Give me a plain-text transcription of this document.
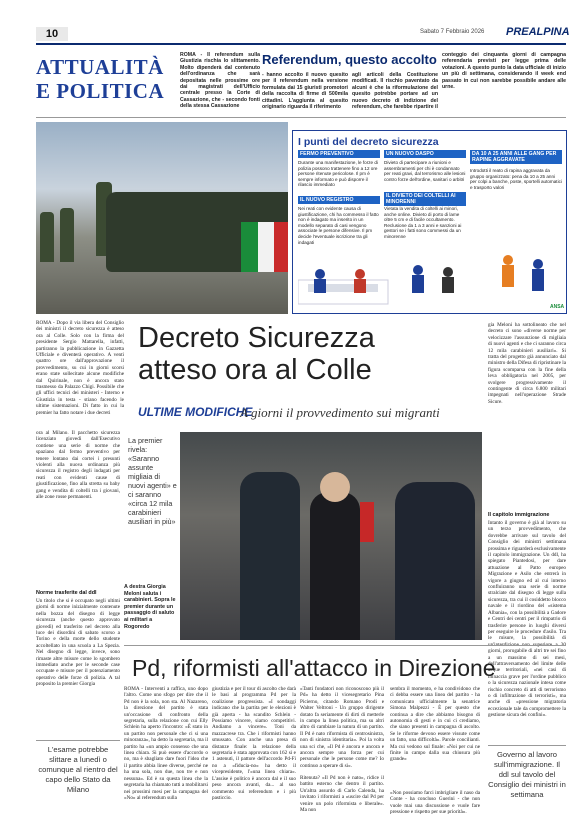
10	Sabato 7 Febbraio 2026 PREALPINA
ATTUALITÀ
E POLITICA
ROMA - Il referendum sulla Giustizia rischia lo slittamento. Molto dipenderà dal contenuto dell'ordinanza che sarà depositata nelle prossime ore dai magistrati dell'Ufficio centrale presso la Corte di Cassazione, che - secondo fonti della stessa Cassazione
Referendum, questo accolto
- hanno accolto il nuovo quesito per il referendum nella versione formulata dai 15 giuristi promotori della raccolta di firme di 500mila cittadini. L'aggiunta al quesito originario riguarda il riferimento
agli articoli della Costituzione modificati. Il rischio paventato da alcuni è che la riformulazione del quesito potrebbe portare ad un nuovo decreto di indizione del referendum, che farebbe ripartire il
conteggio dei cinquanta giorni di campagna referendaria previsti per legge prima delle votazioni. A questo punto la data ufficiale di inizio un più di settimana, considerando il week end passato in cui non sarebbe possibile andare alle urne.
I punti del decreto sicurezza
FERMO PREVENTIVO
Durante una manifestazione, le forze di polizia possono trattenere fino a 12 ore persone ritenute pericolose. Il pm è sempre informato e può disporre il rilascio immediato
UN NUOVO DASPO
Divieto di partecipare a riunioni e assembramenti per chi è condannato per reati gravi, dal terrorismo alle lesioni contro forze dell'ordine, sanitari o arbitri
DA 10 A 25 ANNI ALLE GANG PER RAPINE AGGRAVATE
Introdotti il reato di rapina aggravata da gruppo organizzato: pena da 10 a 25 anni per colpi a banche, poste, sportelli automatici e trasporto valori
IL NUOVO REGISTRO
Nei reati con evidente causa di giustificazione, chi ha commesso il fatto non è indagato ma inserito in un modello separato di casi vengono associate le persone difensive. Il pm decide l'eventuale iscrizione tra gli indagati
IL DIVIETO DEI COLTELLI AI MINORENNI
Vietata la vendita di coltelli ai minori, anche online. Divieto di porto di lame oltre 5 cm e di facile occultamento. Reclusione da 1 a 3 anni e sanzioni ai gestori se i fatti sono commessi da un minorenne
ANSA
ROMA - Dopo il via libera del Consiglio dei ministri il decreto sicurezza è atteso ora al Colle. Solo con la firma del presidente Sergio Mattarella, infatti, partiranno la pubblicazione in Gazzetta Ufficiale e diventerà operativo. A venti quattro ore dall'approvazione il provvedimento, su cui in giorni scorsi erano state sollecitate alcune modifiche dal Quirinale, non è ancora stato trasmesso da Palazzo Chigi. Possibile che gli uffici tecnici dei ministeri - Interno e Giustizia in testa - stiano facendo le ultime sistemazioni. Di fatto in cui la premier ha fatto notare i due decreti
Decreto Sicurezza
atteso ora al Colle
ULTIME MODIFICHE
A giorni il provvedimento sui migranti
gia Meloni ha sottolineato che nel decreto ci sono «diverse norme per velocizzare l'assunzione di migliaia di nuovi agenti e che ci saranno circa 12 mila carabinieri ausiliari». Si tratta del progetto già annunciato dal ministro della Difesa di ripristinare la figura scomparsa con la fine della leva obbligatoria nel 2005, per svolgere progressivamente il contingente di circa 6.800 militari impegnati nell'operazione Strade Sicure.
La premier rivela: «Saranno assunte migliaia di nuovi agenti» e ci saranno «circa 12 mila carabinieri ausiliari in più»
A destra Giorgia Meloni saluta i carabinieri. Sopra le premier durante un passaggio di saluto ai militari a Rogoredo
ora al Milano. Il pacchetto sicurezza licenziato giovedì dall'Esecutivo contiene una serie di norme che spaziano dal fermo preventivo per tenere lontano dai cortei i presunti violenti alla nuova ordinanza più sicurezza il registro degli indagati per reati con evidenti cause di giustificazione, fino alla stretta su baby gang e vendita di coltelli tra i giovani, alle zone rosse permanenti.
Norme trasferite dal ddl
Un titolo che si è occupato negli ultimi giorni di norme inizialmente contenute nella bozza del disegno di legge sicurezza (anche questo approvato giovedì) ed trasferito nel decreto alla luce dei disordini di sabato scorso a Torino e della morte dello studente accoltellato in una scuola a La Spezia. Nel disegno di legge, invece, sono rimaste altre misure come lo sgombero immediato anche per le seconde case occupate e misure per il potenziamento operativo delle forze di polizia. A tal proposito la premier Giorgia
L'esame potrebbe slittare a lunedì o comunque al rientro del capo dello Stato da Milano
Il capitolo immigrazione
Intanto il governo è già al lavoro su un terzo provvedimento, che dovrebbe arrivare sul tavolo del Consiglio dei ministri settimana prossima e riguarderà esclusivamente il capitolo immigrazione. Un ddl, ha spiegato Piantedosi, per dare attuazione al Patto europeo Migrazione e Asilo che entrerà in vigore a giugno ed al cui interno confluiranno una serie di norme stralciate dal disegno di legge sulla sicurezza, tra cui il cosiddetto blocco navale e il riordino del «sistema Albania», con la possibilità a Gadore e Centri dei centri per il rimpatrio di trasferire persone in luoghi diversi per eseguire le procedure d'asilo. Tra le misure, la possibilità di giorni, prorogabile di altri tre sei fino a un massimo di sei mesi, dell'attraversamento del limite delle acque territoriali, «nei casi di minaccia grave per l'ordine pubblico o la sicurezza nazionale intesa come rischio concreto di atti di terrorismo o di infiltrazione di terroristi», ma anche di «pressione migratoria eccezionale tale da compromettere la gestione sicura dei confini».
Governo al lavoro sull'immigrazione. Il ddl sul tavolo del Consiglio dei ministri in settimana
Pd, riformisti all'attacco in Direzione
ROMA - Interventi a raffica, uno dopo l'altro. Come uno sfogo per dire che il Pd non è la sola, non sta. Al Nazareno, la direzione del partito è stata un'occasione di confronto della segretaria, sulla relazione con cui Elly Schlein ha aperto l'incontro: «È stato in un partito non personale che ci si una minoranza», ha detto la segretaria, ma il partito ha «un ampio consenso che una linea chiara. Si può essere d'accordo o no, ma è sbagliato dare fuori l'idea che il partito abbia linee diverse, perché ne ha una sola, non due, non tre e non nessuna». Ed è su questa linea che la segretaria ha chiamato tutti a mobilitarsi nei prossimi mesi per la campagna del «No» al referendum sulla
giustizia e per il tour di ascolto che darà le basi al programma Pd per la coalizione progressista. «I sondaggi indicano che la partita per le elezioni è già aperta - ha scandito Schlein - Possiamo vincere, siamo competitivi. Andiamo a vincere». Toni da mazzacrese tra. Che i riformisti hanno smussato. Con anche una presa di distanze finale: la relazione della segretaria è stata approvata con 162 sì e 1 astenuti, il pattore dell'accordo Pd-Fi no a «fiducia-no» ha detto il vicepresidente, l'«una linea chiara». L'assise è politico è ancora dal e il suo peso ancora avanti, da... al suo commento sui referendum e i più pasticcio.
«Tanti fondatori non riconoscono più il Pd» ha detto il vicesegretario Pina Picierno, citando Romano Prodi e Walter Veltroni - Un gruppo dirigente dotato fa seriamente di dirti di metterle in campo la linea politica, ma su altri altro di cambiare la natura di un partito. Il Pd è nato riformista di centrosinistra, non di sinistra identitaria». Poi la volta una sci che, «Il Pd è ancora e ancora e ancora sempre una forza per cui personale che le persone come me? Io continuo a sperare di sì».
Ritenuta? «Il Pd non è nato», ridice il battito esterno che dentro il partito. Un'altra assurdo di Carlo Calenda, ha invitato i riformisti a «uscire dal Pd per venire un polo riformista e liberale». Ma non
sembra il momento, e ha condividono che ci debba essere una linea del partito - ha comunicato ufficialmente la senatrice Simona Malpezzi - È per questo che continua a dire che abbiamo bisogno di autonomia di gesti e in cui ci crediamo, che siano presenti in campagna di ascolto. Se le riforme devono essere vissute come un fatto, una difficoltà». Parole concilianti. Ma cui vedono sul finale: «Noi per cui ne finite in campo dalla sua chiusura più grande»
«Non possiamo farci imbrigliare il naso da Conte - ha concluso Guerini - che non vuole mai una discussione e vuole fare pressione e rispetto per sue priorità».
